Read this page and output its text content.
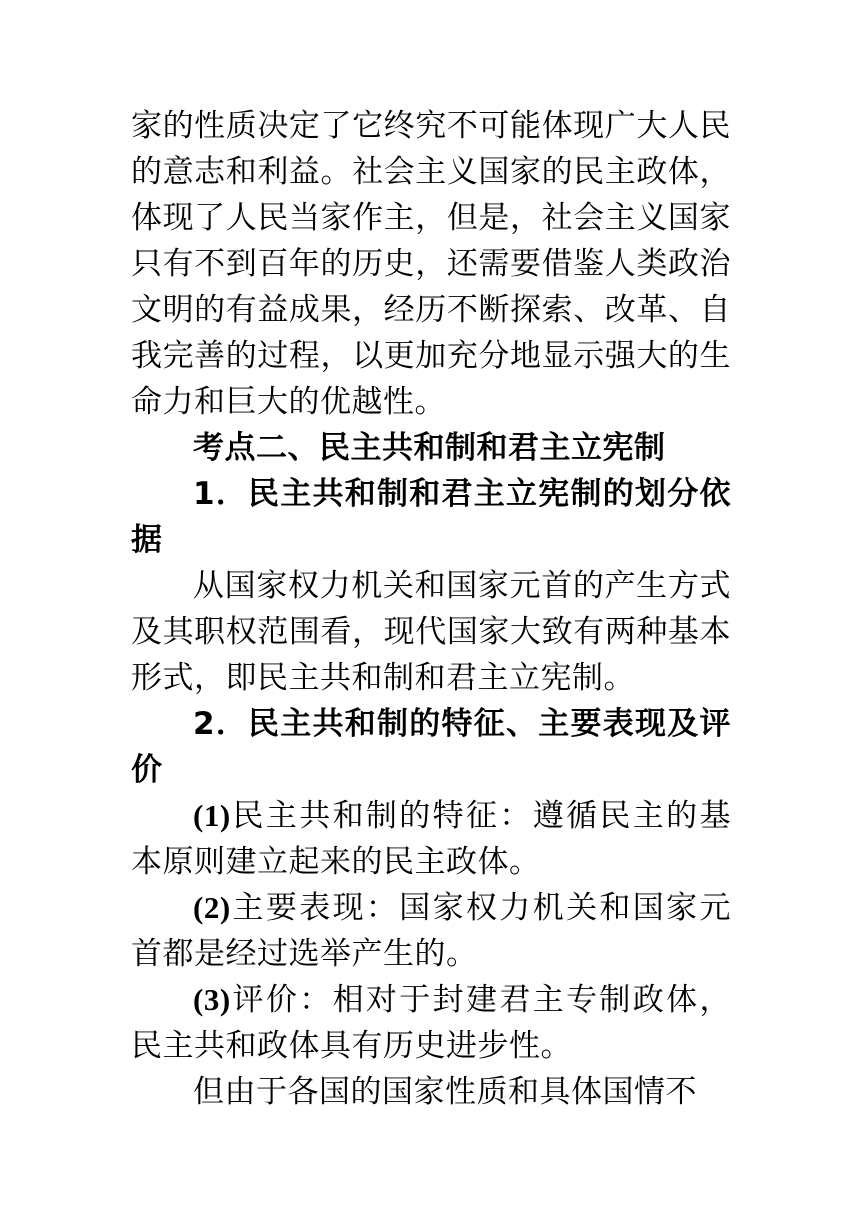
家的性质决定了它终究不可能体现广大人民的意志和利益。社会主义国家的民主政体，体现了人民当家作主，但是，社会主义国家只有不到百年的历史，还需要借鉴人类政治文明的有益成果，经历不断探索、改革、自我完善的过程，以更加充分地显示强大的生命力和巨大的优越性。

考点二、民主共和制和君主立宪制

1．民主共和制和君主立宪制的划分依据

从国家权力机关和国家元首的产生方式及其职权范围看，现代国家大致有两种基本形式，即民主共和制和君主立宪制。

2．民主共和制的特征、主要表现及评价

(1)民主共和制的特征：遵循民主的基本原则建立起来的民主政体。

(2)主要表现：国家权力机关和国家元首都是经过选举产生的。

(3)评价：相对于封建君主专制政体，民主共和政体具有历史进步性。

但由于各国的国家性质和具体国情不
